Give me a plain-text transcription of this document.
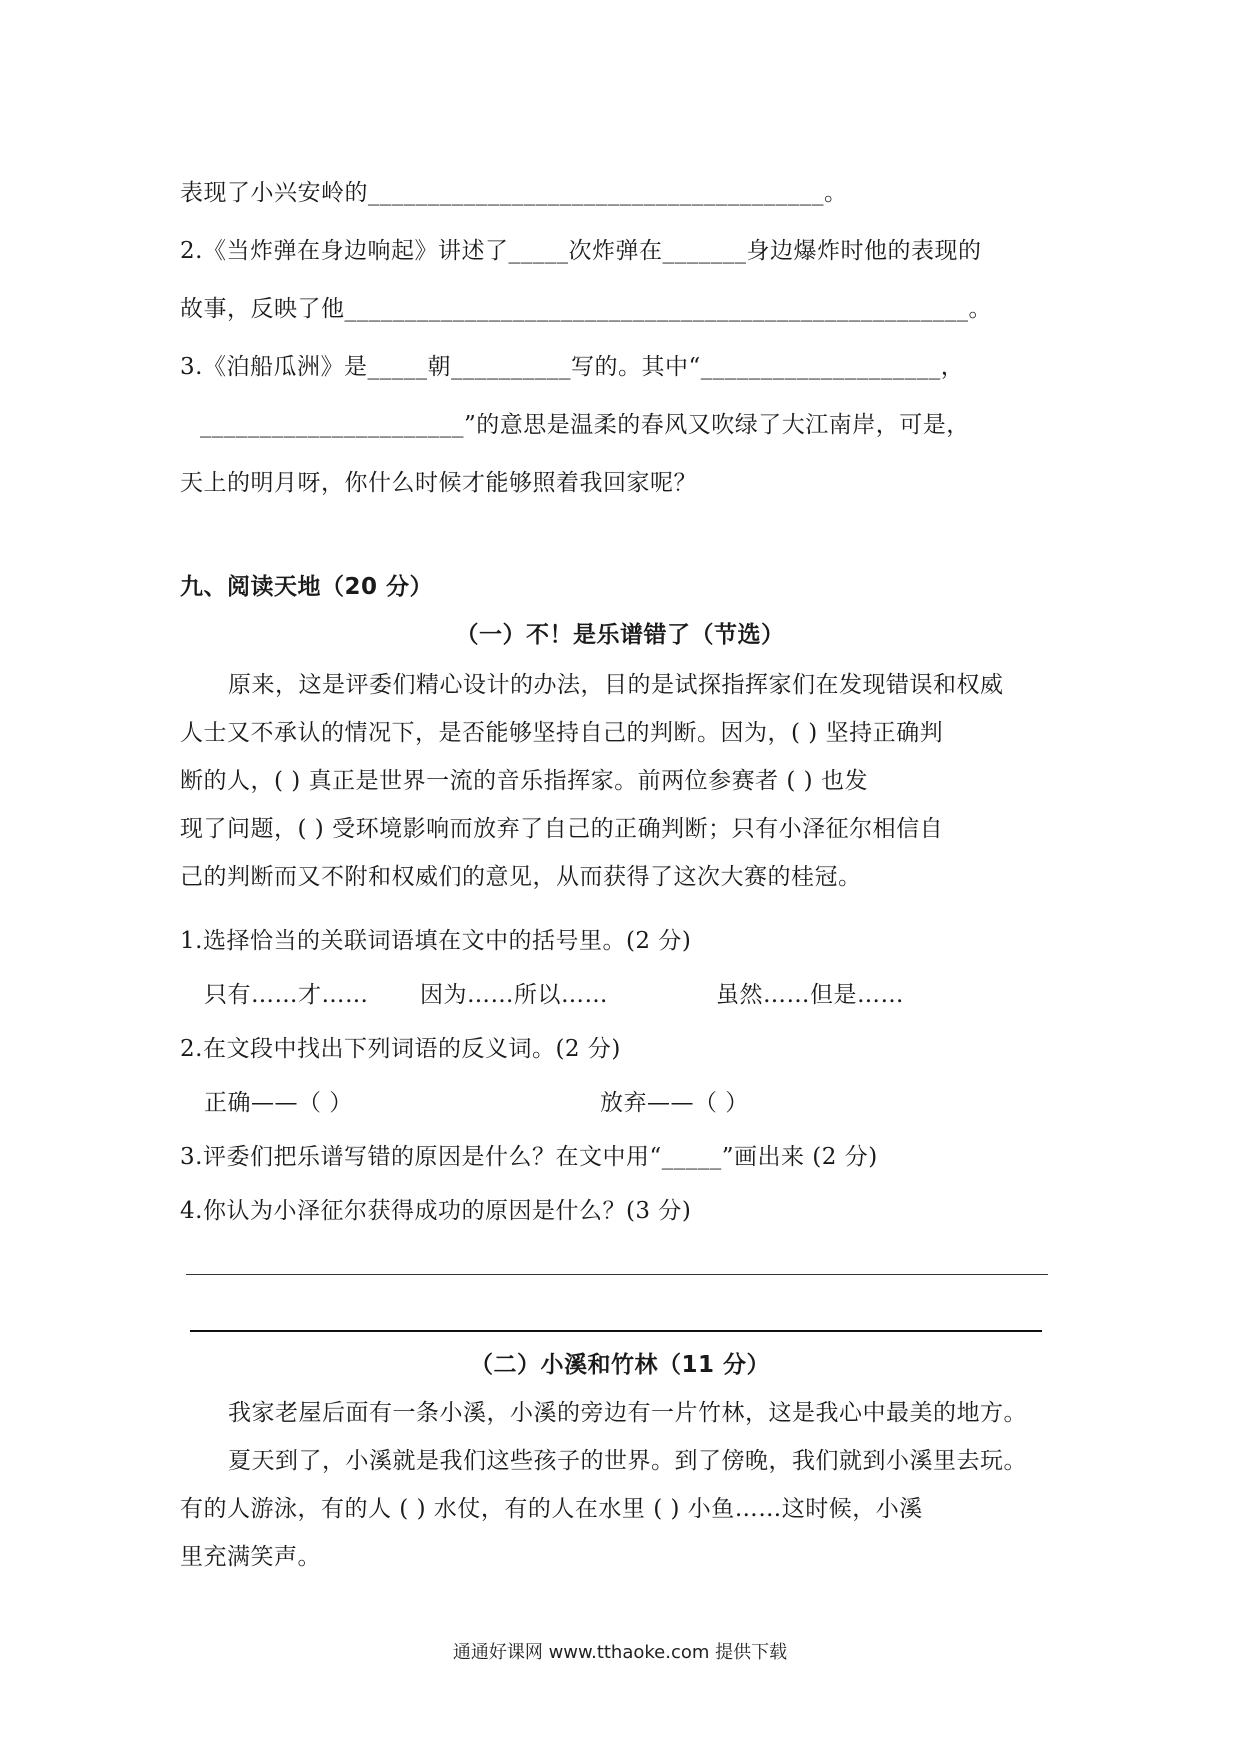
表现了小兴安岭的______________________________________。
2.《当炸弹在身边响起》讲述了_____次炸弹在_______身边爆炸时他的表现的
故事，反映了他____________________________________________________。
3.《泊船瓜洲》是_____朝__________写的。其中“____________________，
______________________”的意思是温柔的春风又吹绿了大江南岸，可是，
天上的明月呀，你什么时候才能够照着我回家呢？
九、阅读天地（20 分）
（一）不！是乐谱错了（节选）
原来，这是评委们精心设计的办法，目的是试探指挥家们在发现错误和权威
人士又不承认的情况下，是否能够坚持自己的判断。因为，( ) 坚持正确判
断的人，( ) 真正是世界一流的音乐指挥家。前两位参赛者 ( ) 也发
现了问题，( ) 受环境影响而放弃了自己的正确判断；只有小泽征尔相信自
己的判断而又不附和权威们的意见，从而获得了这次大赛的桂冠。
1.选择恰当的关联词语填在文中的括号里。(2 分)
只有……才…… 因为……所以……	虽然……但是……
2.在文段中找出下列词语的反义词。(2 分)
正确——（ ）	放弃——（ ）
3.评委们把乐谱写错的原因是什么？在文中用“_____”画出来 (2 分)
4.你认为小泽征尔获得成功的原因是什么？(3 分)
（二）小溪和竹林（11 分）
我家老屋后面有一条小溪，小溪的旁边有一片竹林，这是我心中最美的地方。
夏天到了，小溪就是我们这些孩子的世界。到了傍晚，我们就到小溪里去玩。
有的人游泳，有的人 ( ) 水仗，有的人在水里 ( ) 小鱼……这时候，小溪
里充满笑声。
通通好课网 www.tthaoke.com 提供下载
